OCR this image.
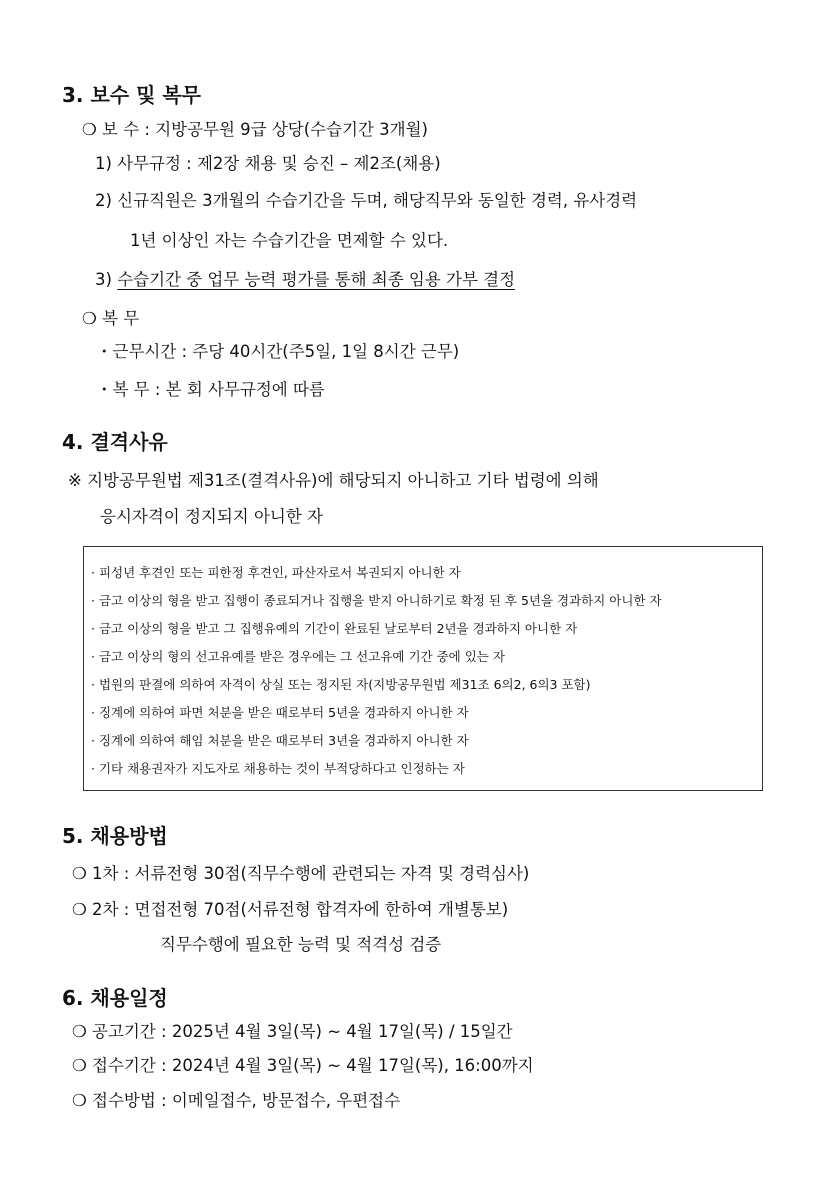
3. 보수 및 복무
❍ 보 수 : 지방공무원 9급 상당(수습기간 3개월)
1) 사무규정 : 제2장 채용 및 승진 – 제2조(채용)
2) 신규직원은 3개월의 수습기간을 두며, 해당직무와 동일한 경력, 유사경력
1년 이상인 자는 수습기간을 면제할 수 있다.
3) 수습기간 중 업무 능력 평가를 통해 최종 임용 가부 결정
❍ 복 무
・근무시간 : 주당 40시간(주5일, 1일 8시간 근무)
・복 무 : 본 회 사무규정에 따름
4. 결격사유
※ 지방공무원법 제31조(결격사유)에 해당되지 아니하고 기타 법령에 의해
응시자격이 정지되지 아니한 자
· 피성년 후견인 또는 피한정 후견인, 파산자로서 복권되지 아니한 자
· 금고 이상의 형을 받고 집행이 종료되거나 집행을 받지 아니하기로 확정 된 후 5년을 경과하지 아니한 자
· 금고 이상의 형을 받고 그 집행유예의 기간이 완료된 날로부터 2년을 경과하지 아니한 자
· 금고 이상의 형의 선고유예를 받은 경우에는 그 선고유예 기간 중에 있는 자
· 법원의 판결에 의하여 자격이 상실 또는 정지된 자(지방공무원법 제31조 6의2, 6의3 포함)
· 징계에 의하여 파면 처분을 받은 때로부터 5년을 경과하지 아니한 자
· 징계에 의하여 해임 처분을 받은 때로부터 3년을 경과하지 아니한 자
· 기타 채용권자가 지도자로 채용하는 것이 부적당하다고 인정하는 자
5. 채용방법
❍ 1차 : 서류전형 30점(직무수행에 관련되는 자격 및 경력심사)
❍ 2차 : 면접전형 70점(서류전형 합격자에 한하여 개별통보)
직무수행에 필요한 능력 및 적격성 검증
6. 채용일정
❍ 공고기간 : 2025년 4월 3일(목) ~ 4월 17일(목) / 15일간
❍ 접수기간 : 2024년 4월 3일(목) ~ 4월 17일(목), 16:00까지
❍ 접수방법 : 이메일접수, 방문접수, 우편접수
